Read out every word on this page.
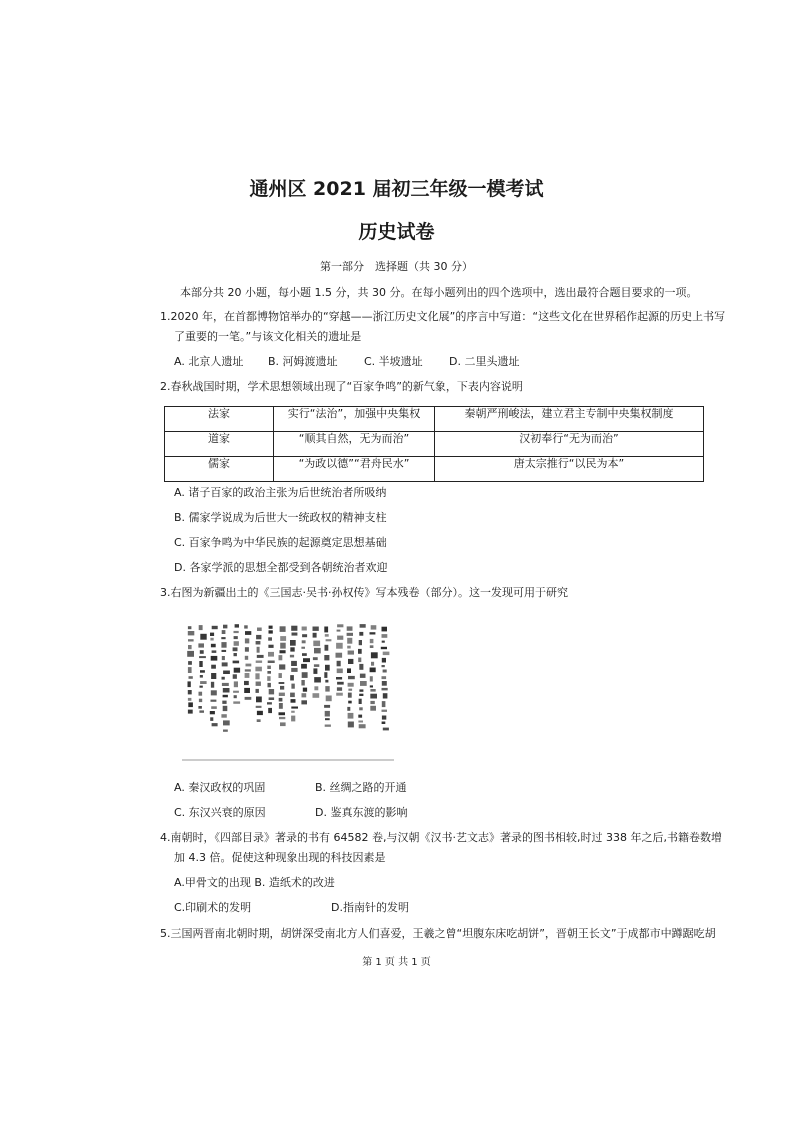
通州区 2021 届初三年级一模考试
历史试卷
第一部分　选择题（共 30 分）
本部分共 20 小题，每小题 1.5 分，共 30 分。在每小题列出的四个选项中，选出最符合题目要求的一项。
1.2020 年，在首都博物馆举办的“穿越——浙江历史文化展”的序言中写道：“这些文化在世界稻作起源的历史上书写
了重要的一笔。”与该文化相关的遗址是
A. 北京人遗址 B. 河姆渡遗址 C. 半坡遗址 D. 二里头遗址
2.春秋战国时期，学术思想领域出现了“百家争鸣”的新气象，下表内容说明
法家	实行“法治”，加强中央集权	秦朝严刑峻法，建立君主专制中央集权制度
道家	“顺其自然，无为而治”	汉初奉行“无为而治”
儒家	“为政以德”“君舟民水”	唐太宗推行“以民为本”
A. 诸子百家的政治主张为后世统治者所吸纳
B. 儒家学说成为后世大一统政权的精神支柱
C. 百家争鸣为中华民族的起源奠定思想基础
D. 各家学派的思想全都受到各朝统治者欢迎
3.右图为新疆出土的《三国志·吴书·孙权传》写本残卷（部分）。这一发现可用于研究
A. 秦汉政权的巩固	B. 丝绸之路的开通
C. 东汉兴衰的原因	D. 鉴真东渡的影响
4.南朝时，《四部目录》著录的书有 64582 卷,与汉朝《汉书·艺文志》著录的图书相较,时过 338 年之后,书籍卷数增
加 4.3 倍。促使这种现象出现的科技因素是
A.甲骨文的出现 B. 造纸术的改进
C.印刷术的发明	D.指南针的发明
5.三国两晋南北朝时期，胡饼深受南北方人们喜爱，王羲之曾“坦腹东床吃胡饼”，晋朝王长文”于成都市中蹲踞吃胡
第 1 页 共 1 页
